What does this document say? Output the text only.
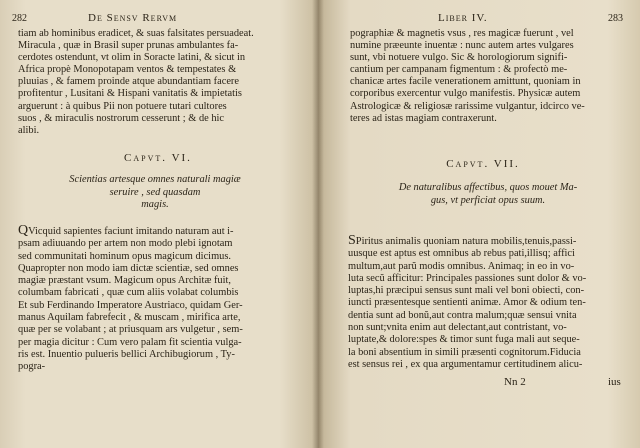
282	De Sensv Rervm
tiam ab hominibus eradicet, & suas falsitates persuadeat.
Miracula , quæ in Brasil super prunas ambulantes fa-
cerdotes ostendunt, vt olim in Soracte latini, & sicut in
Africa propè Monopotapam ventos & tempestates &
pluuias , & famem proinde atque abundantiam facere
profitentur , Lusitani & Hispani vanitatis & impietatis
arguerunt : à quibus Pii non potuere tutari cultores
suos , & miraculis nostrorum cesserunt ; & de hic
alibi.
Capvt. VI.
Scientias artesque omnes naturali magiæ
seruire , sed quasdam
magis.
QVicquid sapientes faciunt imitando naturam aut i-
psam adiuuando per artem non modo plebi ignotam
sed communitati hominum opus magicum dicimus.
Quapropter non modo iam dictæ scientiæ, sed omnes
magiæ præstant vsum. Magicum opus Architæ fuit,
columbam fabricati , quæ cum aliis volabat columbis
Et sub Ferdinando Imperatore Austriaco, quidam Ger-
manus Aquilam fabrefecit , & muscam , mirifica arte,
quæ per se volabant ; at priusquam ars vulgetur , sem-
per magia dicitur : Cum vero palam fit scientia vulga-
ris est. Inuentio pulueris bellici Archibugiorum , Ty-
pogra-
Liber IV.	283
pographiæ & magnetis vsus , res magicæ fuerunt , vel
numine præeunte inuentæ : nunc autem artes vulgares
sunt, vbi notuere vulgo. Sic & horologiorum signifi-
cantium per campanam figmentum : & profectò me-
chanicæ artes facile venerationem amittunt, quoniam in
corporibus exercentur vulgo manifestis. Physicæ autem
Astrologicæ & religiosæ rarissime vulgantur, idcirco ve-
teres ad istas magiam contraxerunt.
Capvt. VII.
De naturalibus affectibus, quos mouet Ma-
gus, vt perficiat opus suum.
SPiritus animalis quoniam natura mobilis,tenuis,passi-
uusque est aptus est omnibus ab rebus pati,illisq; affici
multum,aut parŭ modis omnibus. Animaq; in eo in vo-
luta secŭ afficitur: Principales passiones sunt dolor & vo-
luptas,hi præcipui sensus sunt mali vel boni obiecti, con-
iuncti præsentesque sentienti animæ. Amor & odium ten-
dentia sunt ad bonŭ,aut contra malum;quæ sensui vnita
non sunt;vnita enim aut delectant,aut contristant, vo-
luptate,& dolore:spes & timor sunt fuga mali aut seque-
la boni absentium in simili præsenti cognitorum.Fiducia
est sensus rei , ex qua argumentamur certitudinem alicu-
Nn 2	ius
